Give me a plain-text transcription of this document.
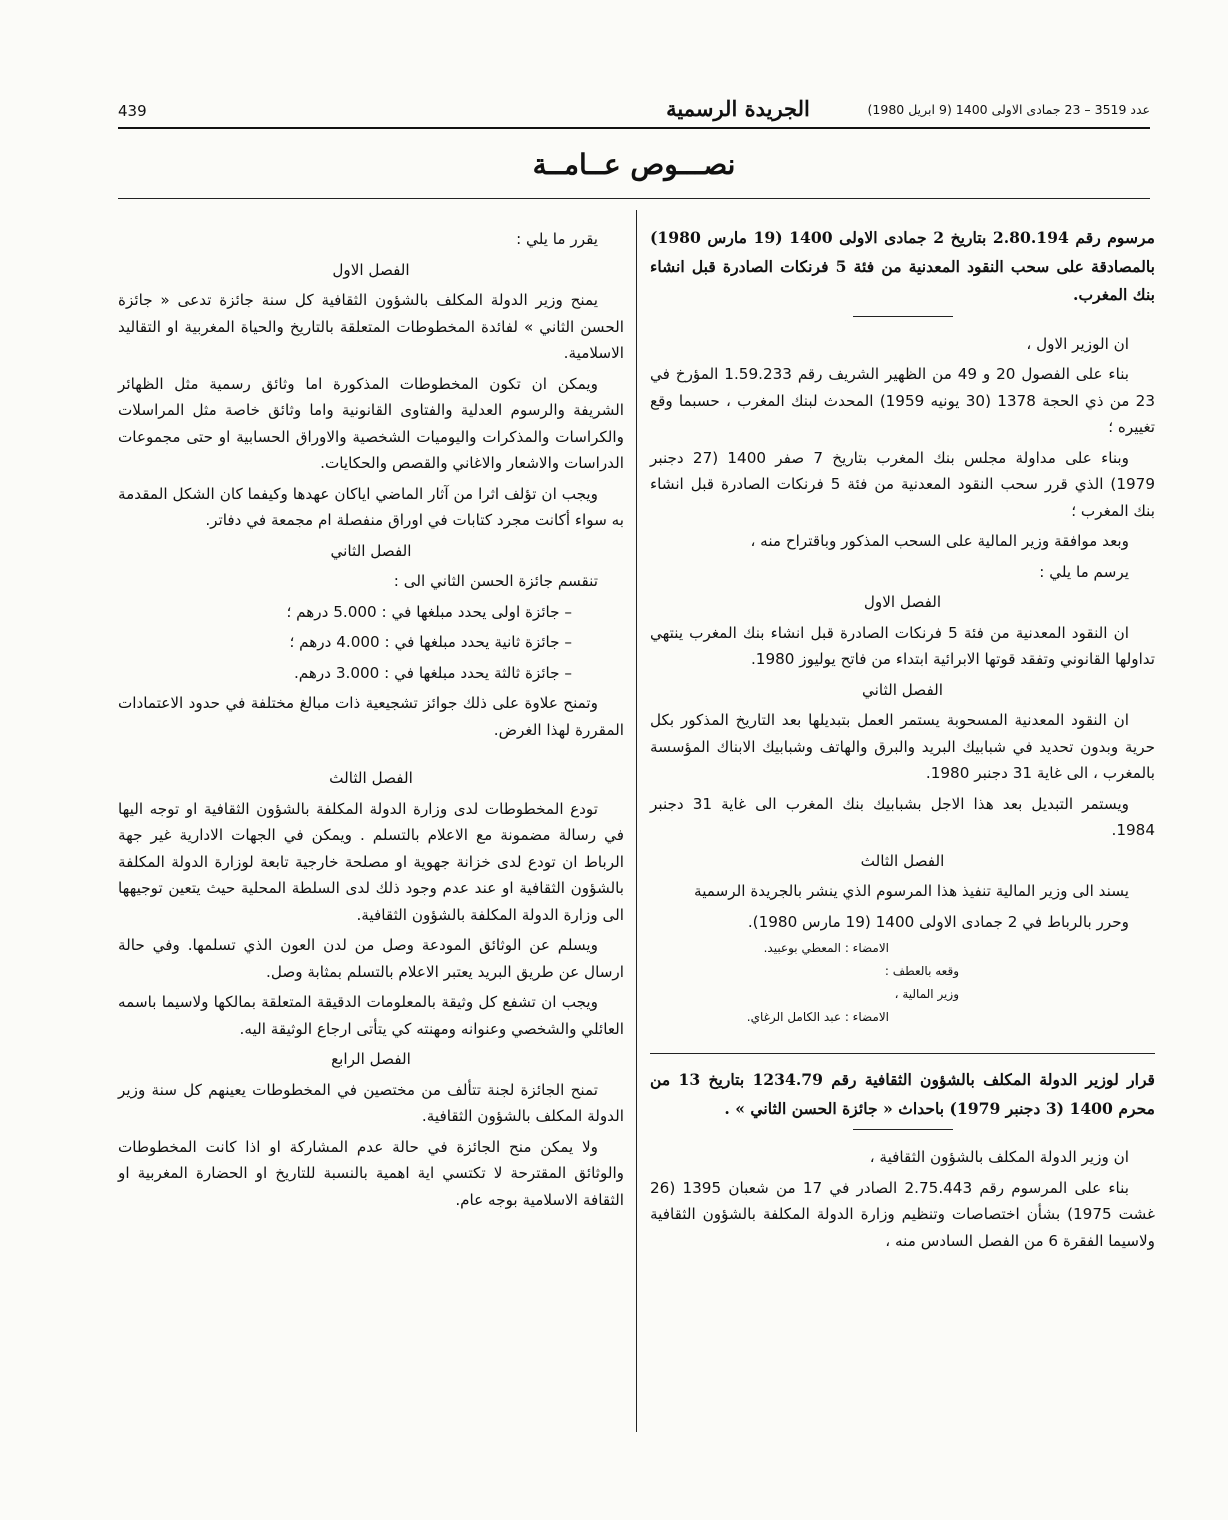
439	الجريدة الرسمية	عدد 3519 – 23 جمادى الاولى 1400 (9 ابريل 1980)
نصـــوص عــامــة

مرسوم رقم 2.80.194 بتاريخ 2 جمادى الاولى 1400 (19 مارس 1980) بالمصادقة على سحب النقود المعدنية من فئة 5 فرنكات الصادرة قبل انشاء بنك المغرب.

ان الوزير الاول ،

بناء على الفصول 20 و 49 من الظهير الشريف رقم 1.59.233 المؤرخ في 23 من ذي الحجة 1378 (30 يونيه 1959) المحدث لبنك المغرب ، حسبما وقع تغييره ؛

وبناء على مداولة مجلس بنك المغرب بتاريخ 7 صفر 1400 (27 دجنبر 1979) الذي قرر سحب النقود المعدنية من فئة 5 فرنكات الصادرة قبل انشاء بنك المغرب ؛

وبعد موافقة وزير المالية على السحب المذكور وباقتراح منه ،

يرسم ما يلي :

الفصل الاول

ان النقود المعدنية من فئة 5 فرنكات الصادرة قبل انشاء بنك المغرب ينتهي تداولها القانوني وتفقد قوتها الابرائية ابتداء من فاتح يوليوز 1980.

الفصل الثاني

ان النقود المعدنية المسحوبة يستمر العمل بتبديلها بعد التاريخ المذكور بكل حرية وبدون تحديد في شبابيك البريد والبرق والهاتف وشبابيك الابناك المؤسسة بالمغرب ، الى غاية 31 دجنبر 1980.

ويستمر التبديل بعد هذا الاجل بشبابيك بنك المغرب الى غاية 31 دجنبر 1984.

الفصل الثالث

يسند الى وزير المالية تنفيذ هذا المرسوم الذي ينشر بالجريدة الرسمية

وحرر بالرباط في 2 جمادى الاولى 1400 (19 مارس 1980).

الامضاء : المعطي بوعبيد.

وقعه بالعطف :

وزير المالية ،

الامضاء : عبد الكامل الرغاي.

قرار لوزير الدولة المكلف بالشؤون الثقافية رقم 1234.79 بتاريخ 13 من محرم 1400 (3 دجنبر 1979) باحداث « جائزة الحسن الثاني » .

ان وزير الدولة المكلف بالشؤون الثقافية ،

بناء على المرسوم رقم 2.75.443 الصادر في 17 من شعبان 1395 (26 غشت 1975) بشأن اختصاصات وتنظيم وزارة الدولة المكلفة بالشؤون الثقافية ولاسيما الفقرة 6 من الفصل السادس منه ،

يقرر ما يلي :

الفصل الاول

يمنح وزير الدولة المكلف بالشؤون الثقافية كل سنة جائزة تدعى « جائزة الحسن الثاني » لفائدة المخطوطات المتعلقة بالتاريخ والحياة المغربية او التقاليد الاسلامية.

ويمكن ان تكون المخطوطات المذكورة اما وثائق رسمية مثل الظهائر الشريفة والرسوم العدلية والفتاوى القانونية واما وثائق خاصة مثل المراسلات والكراسات والمذكرات واليوميات الشخصية والاوراق الحسابية او حتى مجموعات الدراسات والاشعار والاغاني والقصص والحكايات.

ويجب ان تؤلف اثرا من آثار الماضي اياكان عهدها وكيفما كان الشكل المقدمة به سواء أكانت مجرد كتابات في اوراق منفصلة ام مجمعة في دفاتر.

الفصل الثاني

تنقسم جائزة الحسن الثاني الى :

– جائزة اولى يحدد مبلغها في : 5.000 درهم ؛

– جائزة ثانية يحدد مبلغها في : 4.000 درهم ؛

– جائزة ثالثة يحدد مبلغها في : 3.000 درهم.

وتمنح علاوة على ذلك جوائز تشجيعية ذات مبالغ مختلفة في حدود الاعتمادات المقررة لهذا الغرض.

الفصل الثالث

تودع المخطوطات لدى وزارة الدولة المكلفة بالشؤون الثقافية او توجه اليها في رسالة مضمونة مع الاعلام بالتسلم . ويمكن في الجهات الادارية غير جهة الرباط ان تودع لدى خزانة جهوية او مصلحة خارجية تابعة لوزارة الدولة المكلفة بالشؤون الثقافية او عند عدم وجود ذلك لدى السلطة المحلية حيث يتعين توجيهها الى وزارة الدولة المكلفة بالشؤون الثقافية.

ويسلم عن الوثائق المودعة وصل من لدن العون الذي تسلمها. وفي حالة ارسال عن طريق البريد يعتبر الاعلام بالتسلم بمثابة وصل.

ويجب ان تشفع كل وثيقة بالمعلومات الدقيقة المتعلقة بمالكها ولاسيما باسمه العائلي والشخصي وعنوانه ومهنته كي يتأتى ارجاع الوثيقة اليه.

الفصل الرابع

تمنح الجائزة لجنة تتألف من مختصين في المخطوطات يعينهم كل سنة وزير الدولة المكلف بالشؤون الثقافية.

ولا يمكن منح الجائزة في حالة عدم المشاركة او اذا كانت المخطوطات والوثائق المقترحة لا تكتسي اية اهمية بالنسبة للتاريخ او الحضارة المغربية او الثقافة الاسلامية بوجه عام.
